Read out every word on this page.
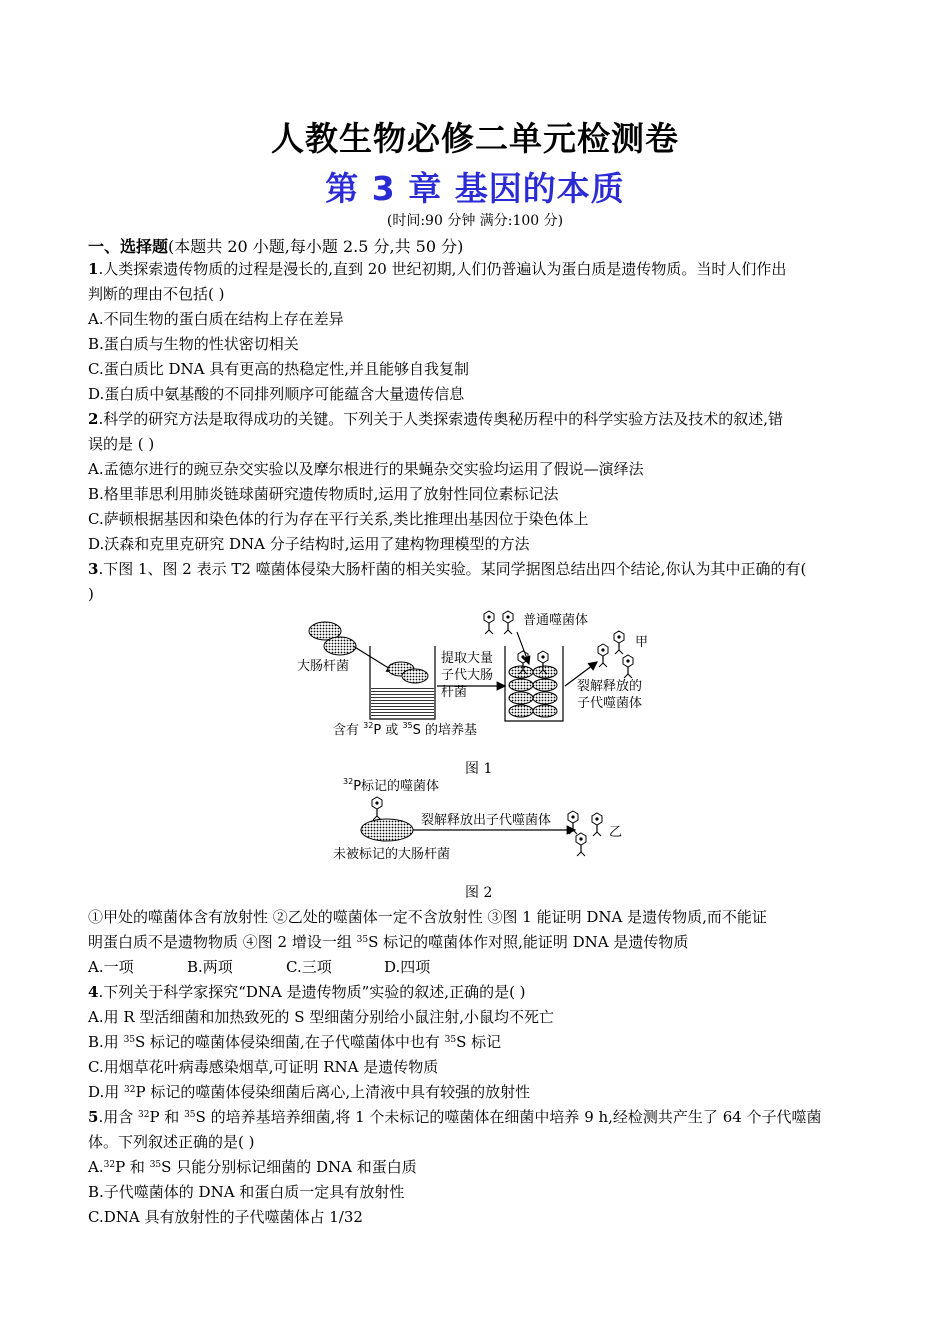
人教生物必修二单元检测卷
第 3 章 基因的本质
(时间:90 分钟 满分:100 分)
一、选择题(本题共 20 小题,每小题 2.5 分,共 50 分)
1.人类探索遗传物质的过程是漫长的,直到 20 世纪初期,人们仍普遍认为蛋白质是遗传物质。当时人们作出
判断的理由不包括( )
A.不同生物的蛋白质在结构上存在差异
B.蛋白质与生物的性状密切相关
C.蛋白质比 DNA 具有更高的热稳定性,并且能够自我复制
D.蛋白质中氨基酸的不同排列顺序可能蕴含大量遗传信息
2.科学的研究方法是取得成功的关键。下列关于人类探索遗传奥秘历程中的科学实验方法及技术的叙述,错
误的是 ( )
A.孟德尔进行的豌豆杂交实验以及摩尔根进行的果蝇杂交实验均运用了假说—演绎法
B.格里菲思利用肺炎链球菌研究遗传物质时,运用了放射性同位素标记法
C.萨顿根据基因和染色体的行为存在平行关系,类比推理出基因位于染色体上
D.沃森和克里克研究 DNA 分子结构时,运用了建构物理模型的方法
3.下图 1、图 2 表示 T2 噬菌体侵染大肠杆菌的相关实验。某同学据图总结出四个结论,你认为其中正确的有(
)
大肠杆菌
含有 $^{32}$P 或 $^{35}$S 的培养基
提取大量
子代大肠
杆菌
普通噬菌体
甲
裂解释放的
子代噬菌体
图 1
$^{32}$P标记的噬菌体
裂解释放出子代噬菌体
乙
未被标记的大肠杆菌
图 2
①甲处的噬菌体含有放射性 ②乙处的噬菌体一定不含放射性 ③图 1 能证明 DNA 是遗传物质,而不能证
明蛋白质不是遗物物质 ④图 2 增设一组 $^{35}$S 标记的噬菌体作对照,能证明 DNA 是遗传物质
A.一项	B.两项	C.三项	D.四项
4.下列关于科学家探究“DNA 是遗传物质”实验的叙述,正确的是( )
A.用 R 型活细菌和加热致死的 S 型细菌分别给小鼠注射,小鼠均不死亡
B.用 $^{35}$S 标记的噬菌体侵染细菌,在子代噬菌体中也有 $^{35}$S 标记
C.用烟草花叶病毒感染烟草,可证明 RNA 是遗传物质
D.用 $^{32}$P 标记的噬菌体侵染细菌后离心,上清液中具有较强的放射性
5.用含 $^{32}$P 和 $^{35}$S 的培养基培养细菌,将 1 个未标记的噬菌体在细菌中培养 9 h,经检测共产生了 64 个子代噬菌
体。下列叙述正确的是( )
A.$^{32}$P 和 $^{35}$S 只能分别标记细菌的 DNA 和蛋白质
B.子代噬菌体的 DNA 和蛋白质一定具有放射性
C.DNA 具有放射性的子代噬菌体占 1/32
